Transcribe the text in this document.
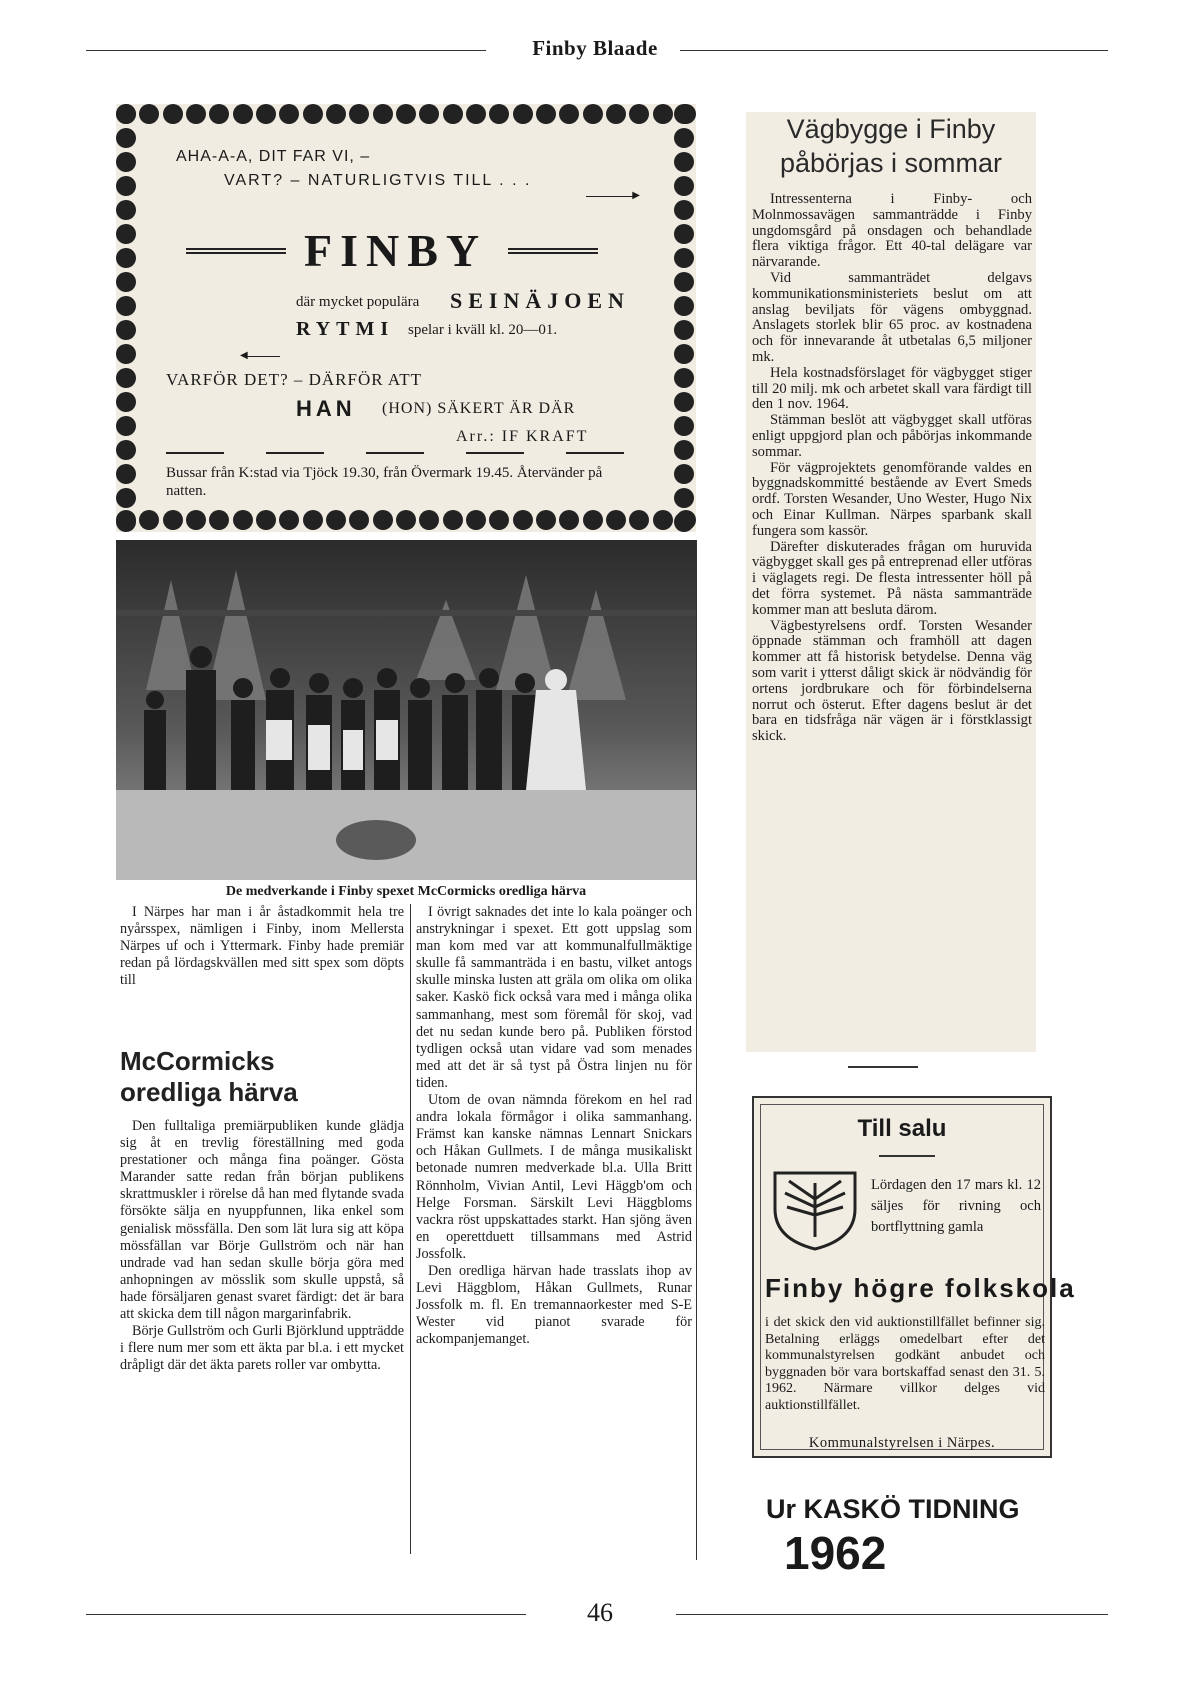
Finby Blaade
AHA-A-A, DIT FAR VI, –
VART? – NATURLIGTVIS TILL . . .
▶
FINBY
där mycket populära SEINÄJOEN
RYTMI spelar i kväll kl. 20—01.
◀
VARFÖR DET? – DÄRFÖR ATT
HAN (HON) SÄKERT ÄR DÄR
Arr.: IF KRAFT
Bussar från K:stad via Tjöck 19.30, från Övermark 19.45. Återvänder på natten.
De medverkande i Finby spexet McCormicks oredliga härva

I Närpes har man i år åstadkommit hela tre nyårsspex, nämligen i Finby, inom Mellersta Närpes uf och i Yttermark. Finby hade premiär redan på lördagskvällen med sitt spex som döpts till

McCormicks
oredliga härva

Den fulltaliga premiärpubliken kunde glädja sig åt en trevlig föreställning med goda prestationer och många fina poänger. Gösta Marander satte redan från början publikens skrattmuskler i rörelse då han med flytande svada försökte sälja en nyuppfunnen, lika enkel som genialisk mössfälla. Den som lät lura sig att köpa mössfällan var Börje Gullström och när han undrade vad han sedan skulle börja göra med anhopningen av mösslik som skulle uppstå, så hade försäljaren genast svaret färdigt: det är bara att skicka dem till någon margarinfabrik.

Börje Gullström och Gurli Björklund uppträdde i flere num mer som ett äkta par bl.a. i ett mycket dråpligt där det äkta parets roller var ombytta.

I övrigt saknades det inte lo kala poänger och anstrykningar i spexet. Ett gott uppslag som man kom med var att kommunalfullmäktige skulle få sammanträda i en bastu, vilket antogs skulle minska lusten att gräla om olika om olika saker. Kaskö fick också vara med i många olika sammanhang, mest som föremål för skoj, vad det nu sedan kunde bero på. Publiken förstod tydligen också utan vidare vad som menades med att det är så tyst på Östra linjen nu för tiden.

Utom de ovan nämnda förekom en hel rad andra lokala förmågor i olika sammanhang. Främst kan kanske nämnas Lennart Snickars och Håkan Gullmets. I de många musikaliskt betonade numren medverkade bl.a. Ulla Britt Rönnholm, Vivian Antil, Levi Häggb'om och Helge Forsman. Särskilt Levi Häggbloms vackra röst uppskattades starkt. Han sjöng även en operettduett tillsammans med Astrid Jossfolk.

Den oredliga härvan hade trasslats ihop av Levi Häggblom, Håkan Gullmets, Runar Jossfolk m. fl. En tremannaorkester med S-E Wester vid pianot svarade för ackompanjemanget.

Vägbygge i Finby påbörjas i sommar

Intressenterna i Finby- och Molnmossavägen sammanträdde i Finby ungdomsgård på onsdagen och behandlade flera viktiga frågor. Ett 40-tal delägare var närvarande.

Vid sammanträdet delgavs kommunikationsministeriets beslut om att anslag beviljats för vägens ombyggnad. Anslagets storlek blir 65 proc. av kostnadena och för innevarande åt utbetalas 6,5 miljoner mk.

Hela kostnadsförslaget för vägbygget stiger till 20 milj. mk och arbetet skall vara färdigt till den 1 nov. 1964.

Stämman beslöt att vägbygget skall utföras enligt uppgjord plan och påbörjas inkommande sommar.

För vägprojektets genomförande valdes en byggnadskommitté bestående av Evert Smeds ordf. Torsten Wesander, Uno Wester, Hugo Nix och Einar Kullman. Närpes sparbank skall fungera som kassör.

Därefter diskuterades frågan om huruvida vägbygget skall ges på entreprenad eller utföras i väglagets regi. De flesta intressenter höll på det förra systemet. På nästa sammanträde kommer man att besluta därom.

Vägbestyrelsens ordf. Torsten Wesander öppnade stämman och framhöll att dagen kommer att få historisk betydelse. Denna väg som varit i ytterst dåligt skick är nödvändig för ortens jordbrukare och för förbindelserna norrut och österut. Efter dagens beslut är det bara en tidsfråga när vägen är i förstklassigt skick.

Till salu
Lördagen den 17 mars kl. 12 säljes för rivning och bortflyttning gamla
Finby högre folkskola
i det skick den vid auktionstillfället befinner sig. Betalning erläggs omedelbart efter det kommunalstyrelsen godkänt anbudet och byggnaden bör vara bortskaffad senast den 31. 5. 1962. Närmare villkor delges vid auktionstillfället.
Kommunalstyrelsen i Närpes.
Ur KASKÖ TIDNING
1962
46
